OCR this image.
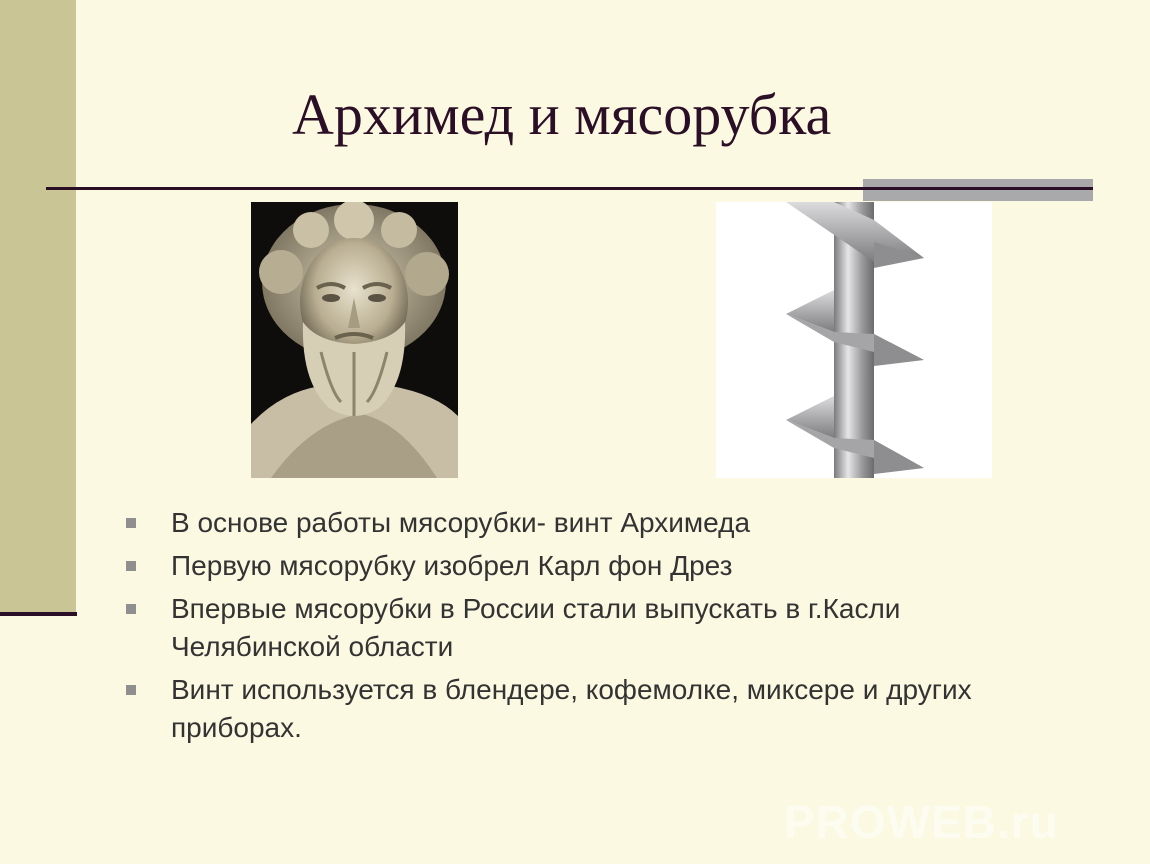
Архимед и мясорубка
В основе работы мясорубки- винт Архимеда
Первую мясорубку изобрел Карл фон Дрез
Впервые мясорубки в России стали выпускать в г.Касли Челябинской области
Винт используется в блендере, кофемолке, миксере и других приборах.
PROWEB.ru
